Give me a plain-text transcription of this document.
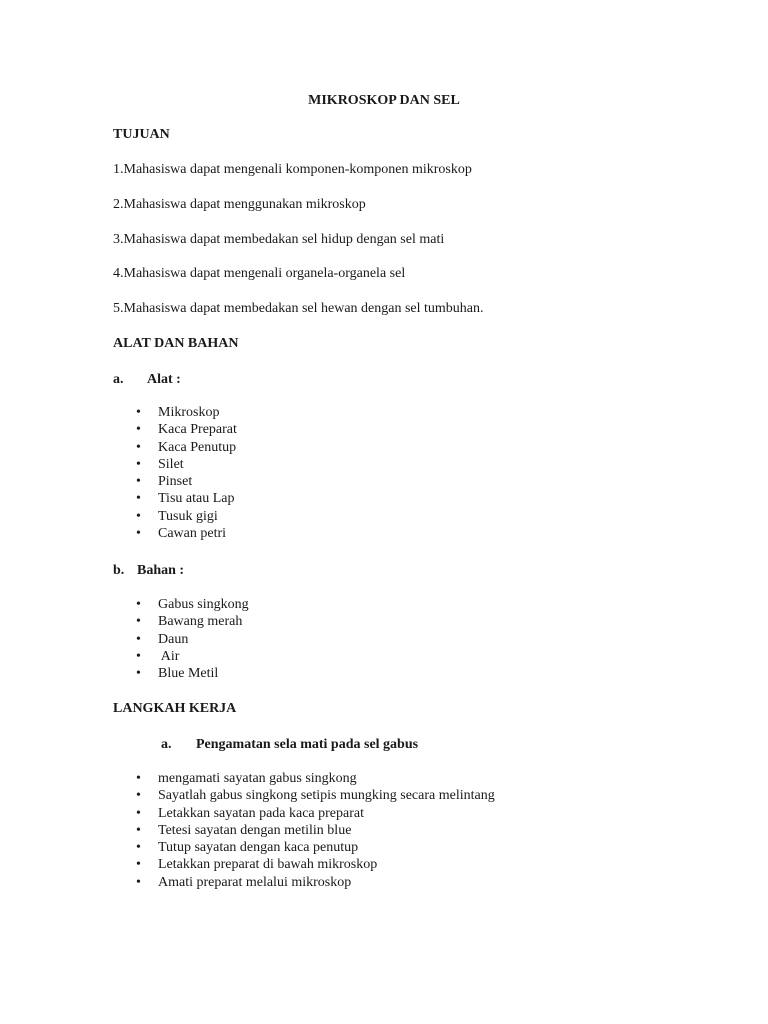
MIKROSKOP DAN SEL
TUJUAN
1.Mahasiswa dapat mengenali komponen-komponen mikroskop
2.Mahasiswa dapat menggunakan mikroskop
3.Mahasiswa dapat membedakan sel hidup dengan sel mati
4.Mahasiswa dapat mengenali organela-organela sel
5.Mahasiswa dapat membedakan sel hewan dengan sel tumbuhan.
ALAT DAN BAHAN
a. Alat :
• Mikroskop
• Kaca Preparat
• Kaca Penutup
• Silet
• Pinset
• Tisu atau Lap
• Tusuk gigi
• Cawan petri
b. Bahan :
• Gabus singkong
• Bawang merah
• Daun
• Air
• Blue Metil
LANGKAH KERJA
a. Pengamatan sela mati pada sel gabus
• mengamati sayatan gabus singkong
• Sayatlah gabus singkong setipis mungking secara melintang
• Letakkan sayatan pada kaca preparat
• Tetesi sayatan dengan metilin blue
• Tutup sayatan dengan kaca penutup
• Letakkan preparat di bawah mikroskop
• Amati preparat melalui mikroskop
